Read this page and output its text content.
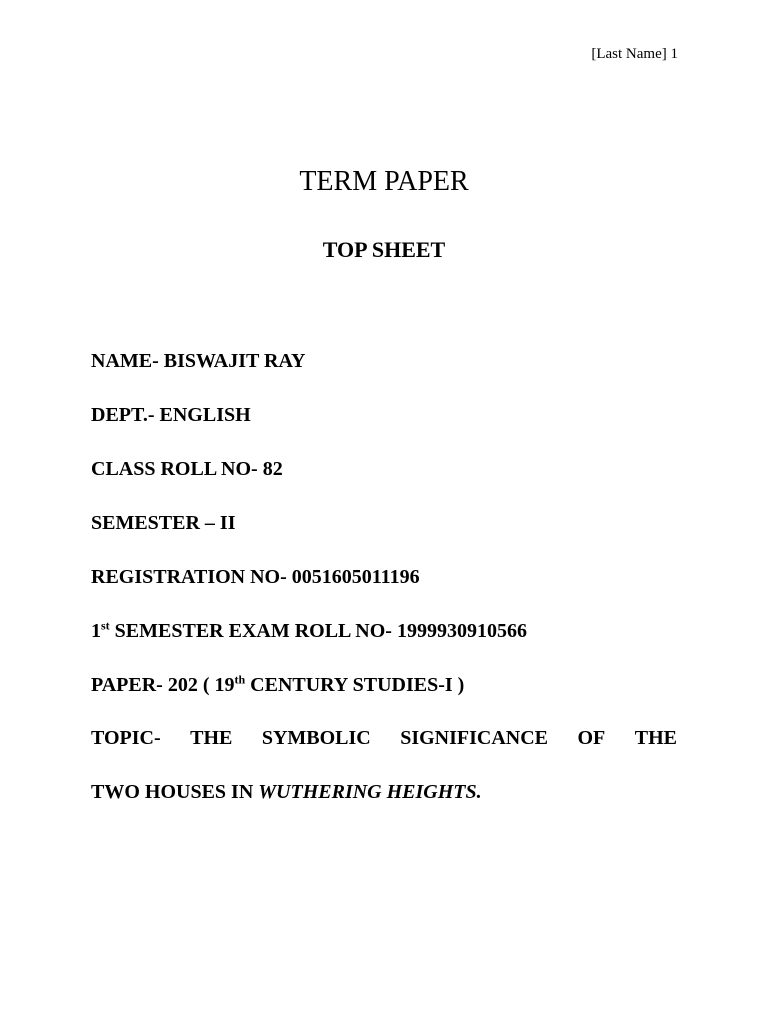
[Last Name] 1
TERM PAPER
TOP SHEET
NAME- BISWAJIT RAY
DEPT.- ENGLISH
CLASS ROLL NO- 82
SEMESTER – II
REGISTRATION NO- 0051605011196
1st SEMESTER EXAM ROLL NO- 1999930910566
PAPER- 202 ( 19th CENTURY STUDIES-I )
TOPIC- THE SYMBOLIC SIGNIFICANCE OF THE
TWO HOUSES IN WUTHERING HEIGHTS.
